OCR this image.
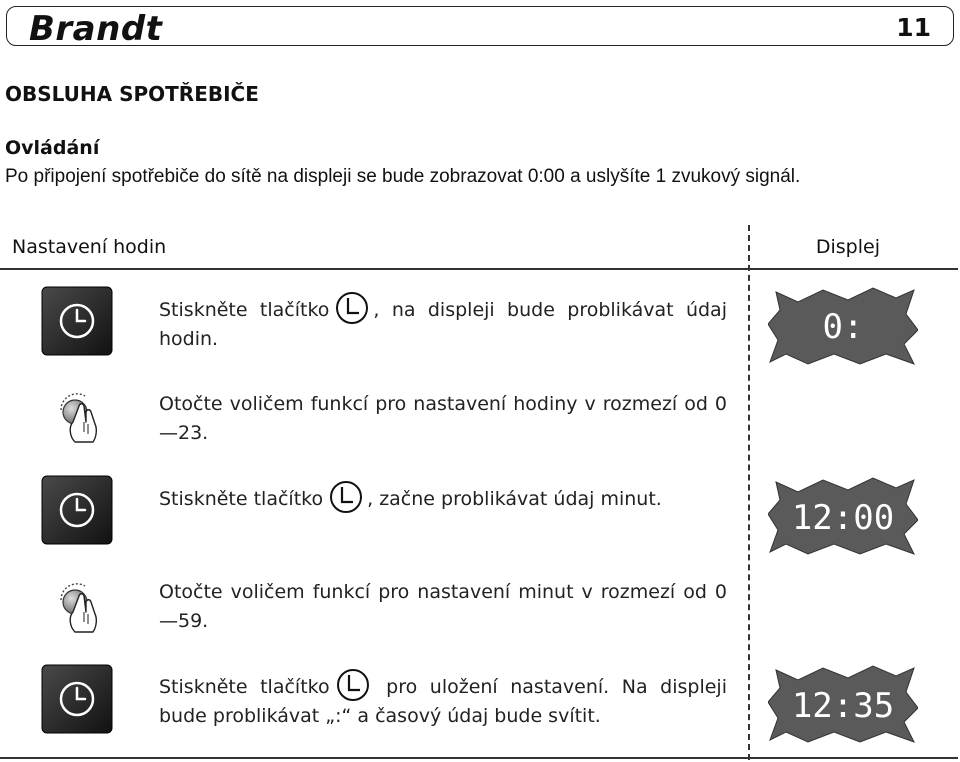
Brandt	11
OBSLUHA SPOTŘEBIČE
Ovládání
Po připojení spotřebiče do sítě na displeji se bude zobrazovat 0:00 a uslyšíte 1 zvukový signál.
Nastavení hodin	Displej
Stiskněte tlačítko , na displeji bude problikávat údaj hodin.	0:
Otočte voličem funkcí pro nastavení hodiny v rozmezí od 0—23.
Stiskněte tlačítko , začne problikávat údaj minut.	12:00
Otočte voličem funkcí pro nastavení minut v rozmezí od 0—59.
Stiskněte tlačítko pro uložení nastavení. Na displeji bude problikávat „:“ a časový údaj bude svítit.	12:35
